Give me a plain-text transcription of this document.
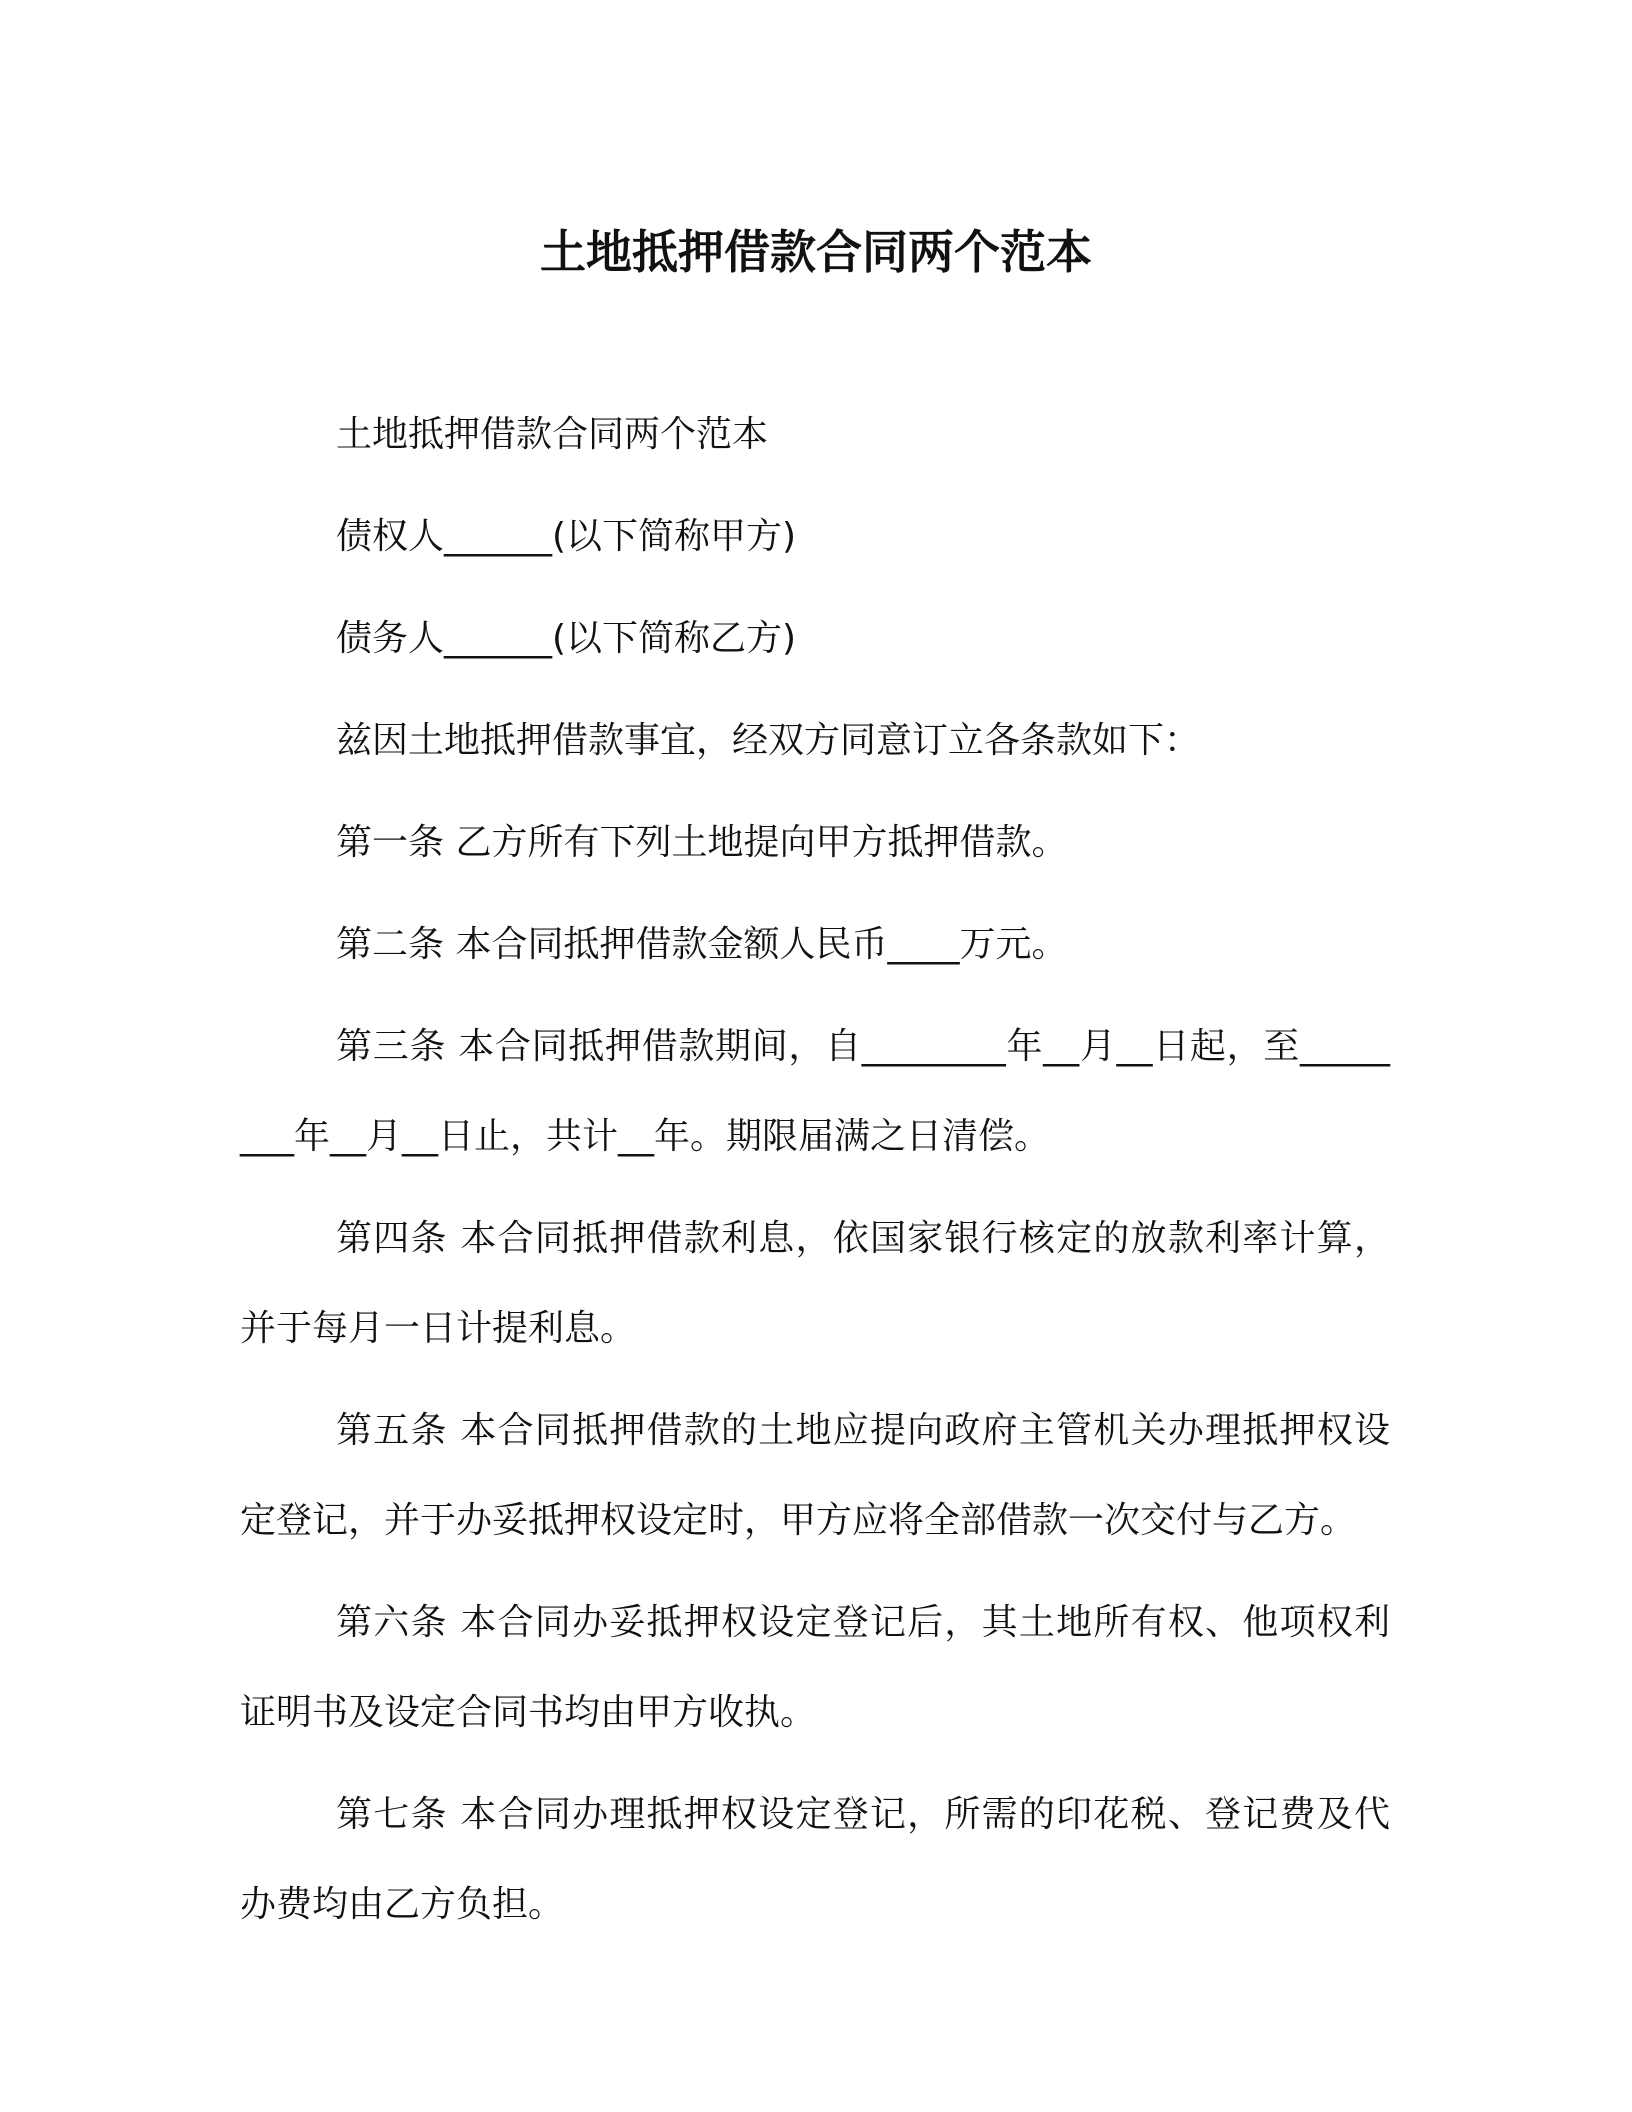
土地抵押借款合同两个范本

土地抵押借款合同两个范本

债权人______(以下简称甲方)

债务人______(以下简称乙方)

兹因土地抵押借款事宜，经双方同意订立各条款如下：

第一条 乙方所有下列土地提向甲方抵押借款。

第二条 本合同抵押借款金额人民币____万元。

第三条 本合同抵押借款期间，自________年__月__日起，至________年__月__日止，共计__年。期限届满之日清偿。

第四条 本合同抵押借款利息，依国家银行核定的放款利率计算，并于每月一日计提利息。

第五条 本合同抵押借款的土地应提向政府主管机关办理抵押权设定登记，并于办妥抵押权设定时，甲方应将全部借款一次交付与乙方。

第六条 本合同办妥抵押权设定登记后，其土地所有权、他项权利证明书及设定合同书均由甲方收执。

第七条 本合同办理抵押权设定登记，所需的印花税、登记费及代办费均由乙方负担。
